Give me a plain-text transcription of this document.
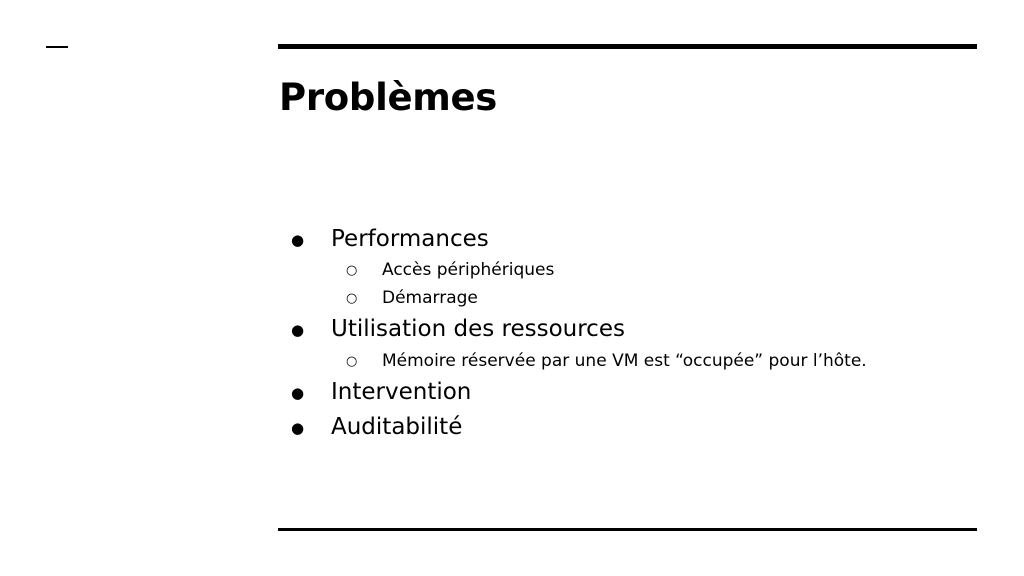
Problèmes
● Performances
○ Accès périphériques
○ Démarrage
● Utilisation des ressources
○ Mémoire réservée par une VM est “occupée” pour l’hôte.
● Intervention
● Auditabilité
